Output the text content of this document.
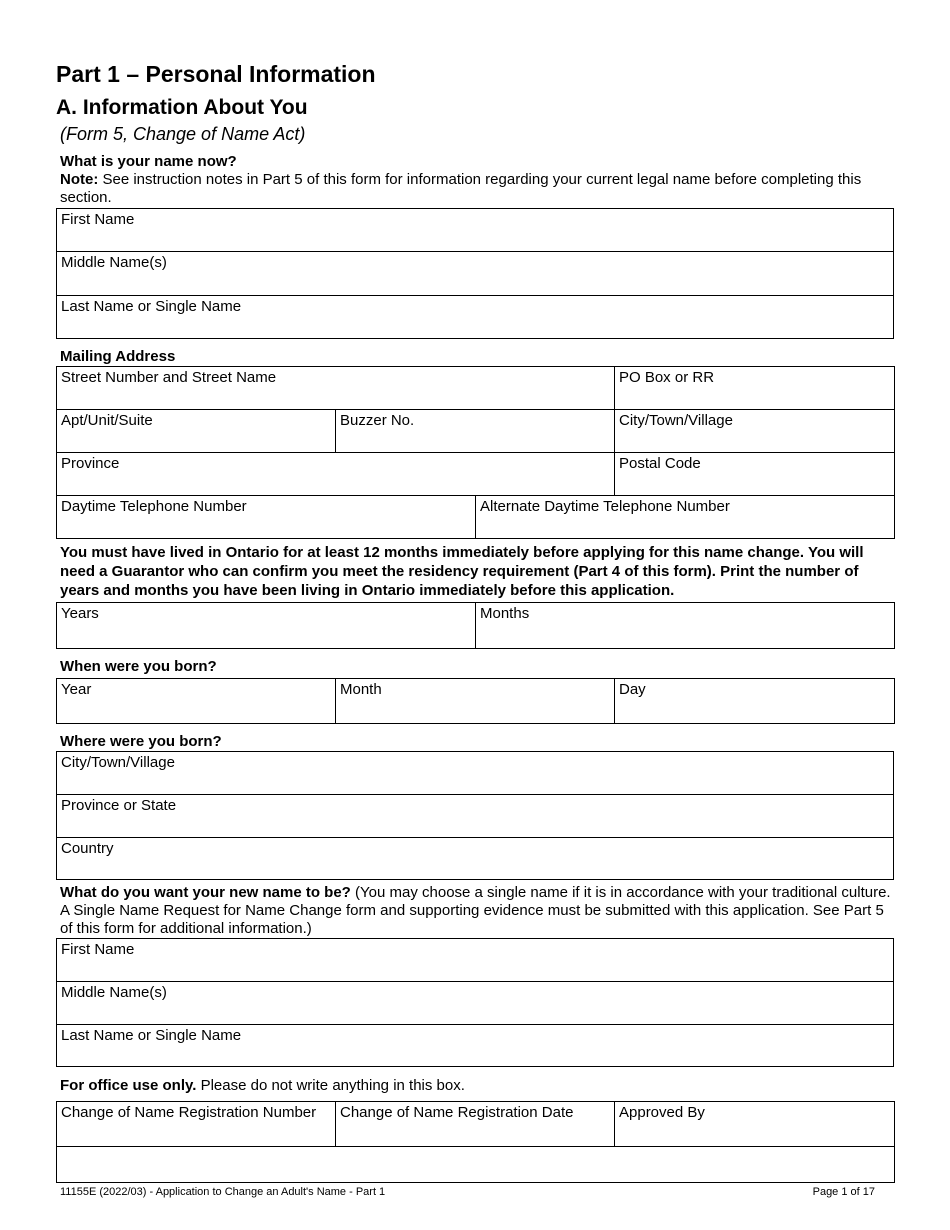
Part 1 – Personal Information
A. Information About You
(Form 5, Change of Name Act)
What is your name now?
Note: See instruction notes in Part 5 of this form for information regarding your current legal name before completing this section.
First Name

Middle Name(s)

Last Name or Single Name
Mailing Address
Street Number and Street Name			PO Box or RR

Apt/Unit/Suite	Buzzer No.		City/Town/Village

Province			Postal Code

Daytime Telephone Number		Alternate Daytime Telephone Number	
You must have lived in Ontario for at least 12 months immediately before applying for this name change. You will need a Guarantor who can confirm you meet the residency requirement (Part 4 of this form). Print the number of years and months you have been living in Ontario immediately before this application.
Years	Months
When were you born?
Year	Month	Day
Where were you born?
City/Town/Village

Province or State

Country
What do you want your new name to be? (You may choose a single name if it is in accordance with your traditional culture. A Single Name Request for Name Change form and supporting evidence must be submitted with this application. See Part 5 of this form for additional information.)
First Name

Middle Name(s)

Last Name or Single Name
For office use only. Please do not write anything in this box.
Change of Name Registration Number	Change of Name Registration Date	Approved By

11155E (2022/03) - Application to Change an Adult's Name - Part 1	Page 1 of 17
